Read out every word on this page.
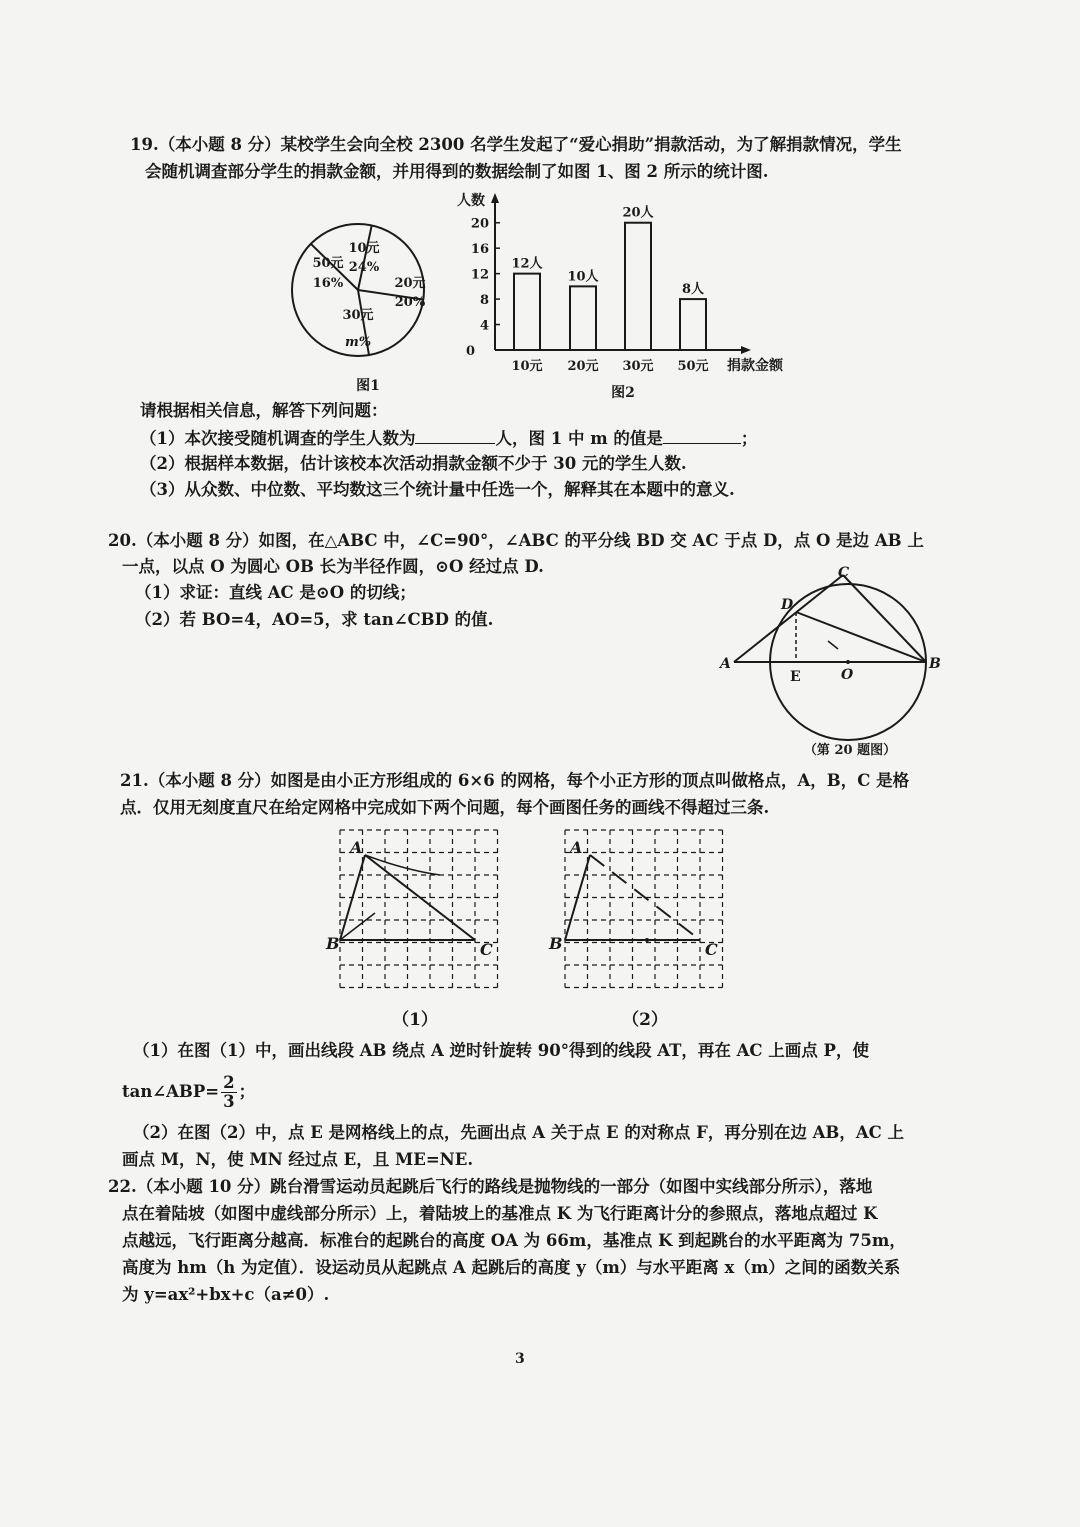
19.（本小题 8 分）某校学生会向全校 2300 名学生发起了“爱心捐助”捐款活动，为了解捐款情况，学生
会随机调查部分学生的捐款金额，并用得到的数据绘制了如图 1、图 2 所示的统计图.
10元
24%
20元
20%
30元
m%
50元
16%
图1
人数
捐款金额
0
4
8
12
16
20
12人
10元
10人
20元
20人
30元
8人
50元
图2
请根据相关信息，解答下列问题：
（1）本次接受随机调查的学生人数为	人，图 1 中 m 的值是	；
（2）根据样本数据，估计该校本次活动捐款金额不少于 30 元的学生人数.
（3）从众数、中位数、平均数这三个统计量中任选一个，解释其在本题中的意义.
20.（本小题 8 分）如图，在△ABC 中，∠C=90°，∠ABC 的平分线 BD 交 AC 于点 D，点 O 是边 AB 上
一点，以点 O 为圆心 OB 长为半径作圆，⊙O 经过点 D.
（1）求证：直线 AC 是⊙O 的切线；
（2）若 BO=4，AO=5，求 tan∠CBD 的值.
C
D
A	B
E	O
（第 20 题图）
21.（本小题 8 分）如图是由小正方形组成的 6×6 的网格，每个小正方形的顶点叫做格点，A，B，C 是格
点．仅用无刻度直尺在给定网格中完成如下两个问题，每个画图任务的画线不得超过三条.
A
B	C
（1）
A
B	C
（2）
（1）在图（1）中，画出线段 AB 绕点 A 逆时针旋转 90°得到的线段 AT，再在 AC 上画点 P，使
tan∠ABP= $\frac{2}{3}$ ；
（2）在图（2）中，点 E 是网格线上的点，先画出点 A 关于点 E 的对称点 F，再分别在边 AB，AC 上
画点 M，N，使 MN 经过点 E，且 ME=NE.
22.（本小题 10 分）跳台滑雪运动员起跳后飞行的路线是抛物线的一部分（如图中实线部分所示），落地
点在着陆坡（如图中虚线部分所示）上，着陆坡上的基准点 K 为飞行距离计分的参照点，落地点超过 K
点越远，飞行距离分越高．标准台的起跳台的高度 OA 为 66m，基准点 K 到起跳台的水平距离为 75m，
高度为 hm（h 为定值）．设运动员从起跳点 A 起跳后的高度 y（m）与水平距离 x（m）之间的函数关系
为 y=ax²+bx+c（a≠0）.
3
